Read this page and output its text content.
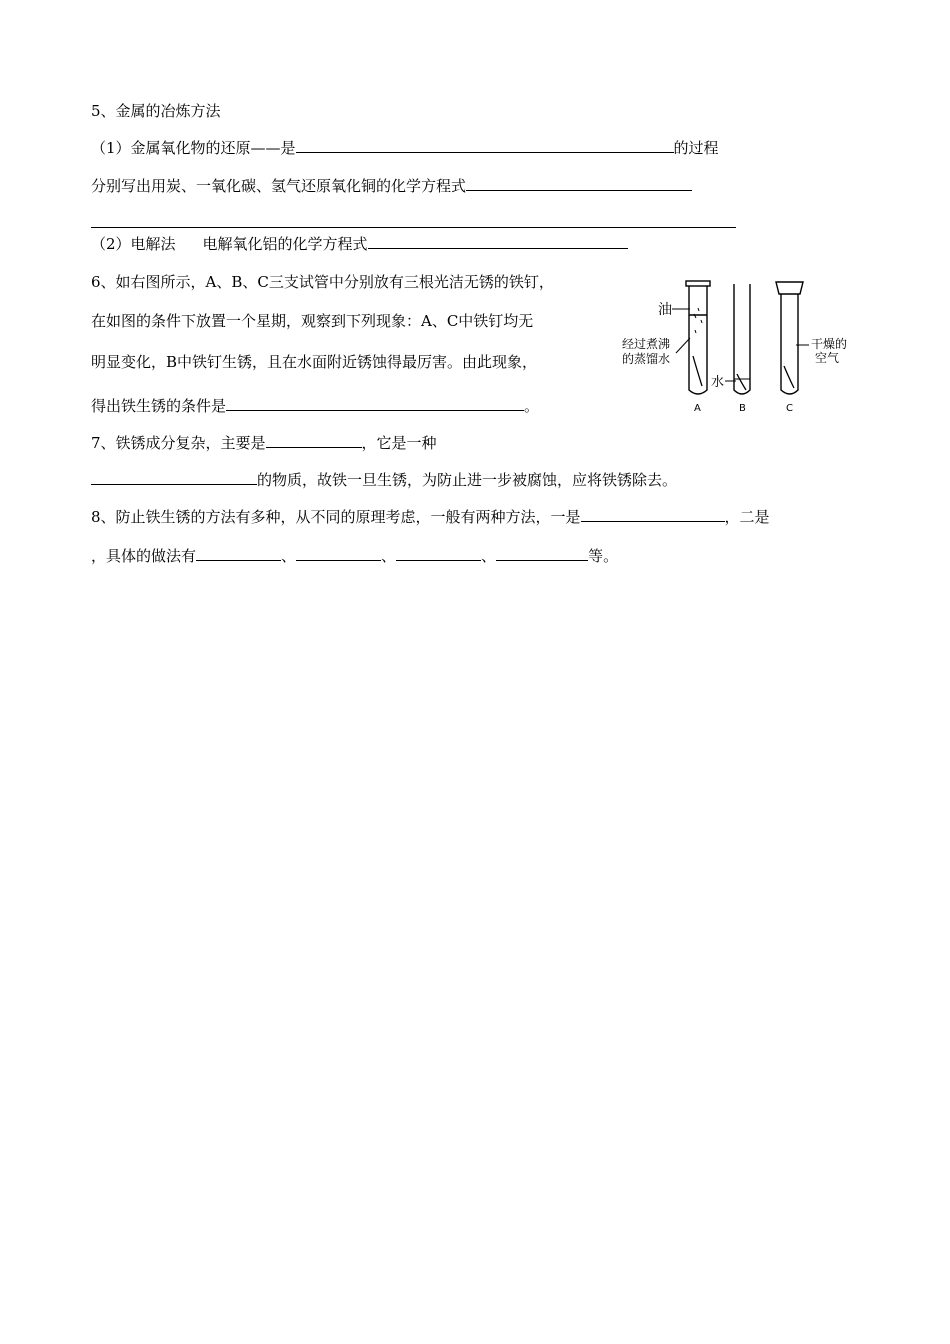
5、金属的冶炼方法
（1）金属氧化物的还原——是	的过程
分别写出用炭、一氧化碳、氢气还原氧化铜的化学方程式
（2）电解法 电解氧化铝的化学方程式
6、如右图所示，A、B、C三支试管中分别放有三根光洁无锈的铁钉，
在如图的条件下放置一个星期，观察到下列现象：A、C中铁钉均无
明显变化，B中铁钉生锈，且在水面附近锈蚀得最厉害。由此现象，
得出铁生锈的条件是	。
油
经过煮沸
的蒸馏水
水
干燥的
空气
A	B	C
7、铁锈成分复杂，主要是	，它是一种
的物质，故铁一旦生锈，为防止进一步被腐蚀，应将铁锈除去。
8、防止铁生锈的方法有多种，从不同的原理考虑，一般有两种方法，一是	，二是
，具体的做法有	、	、	、	等。
